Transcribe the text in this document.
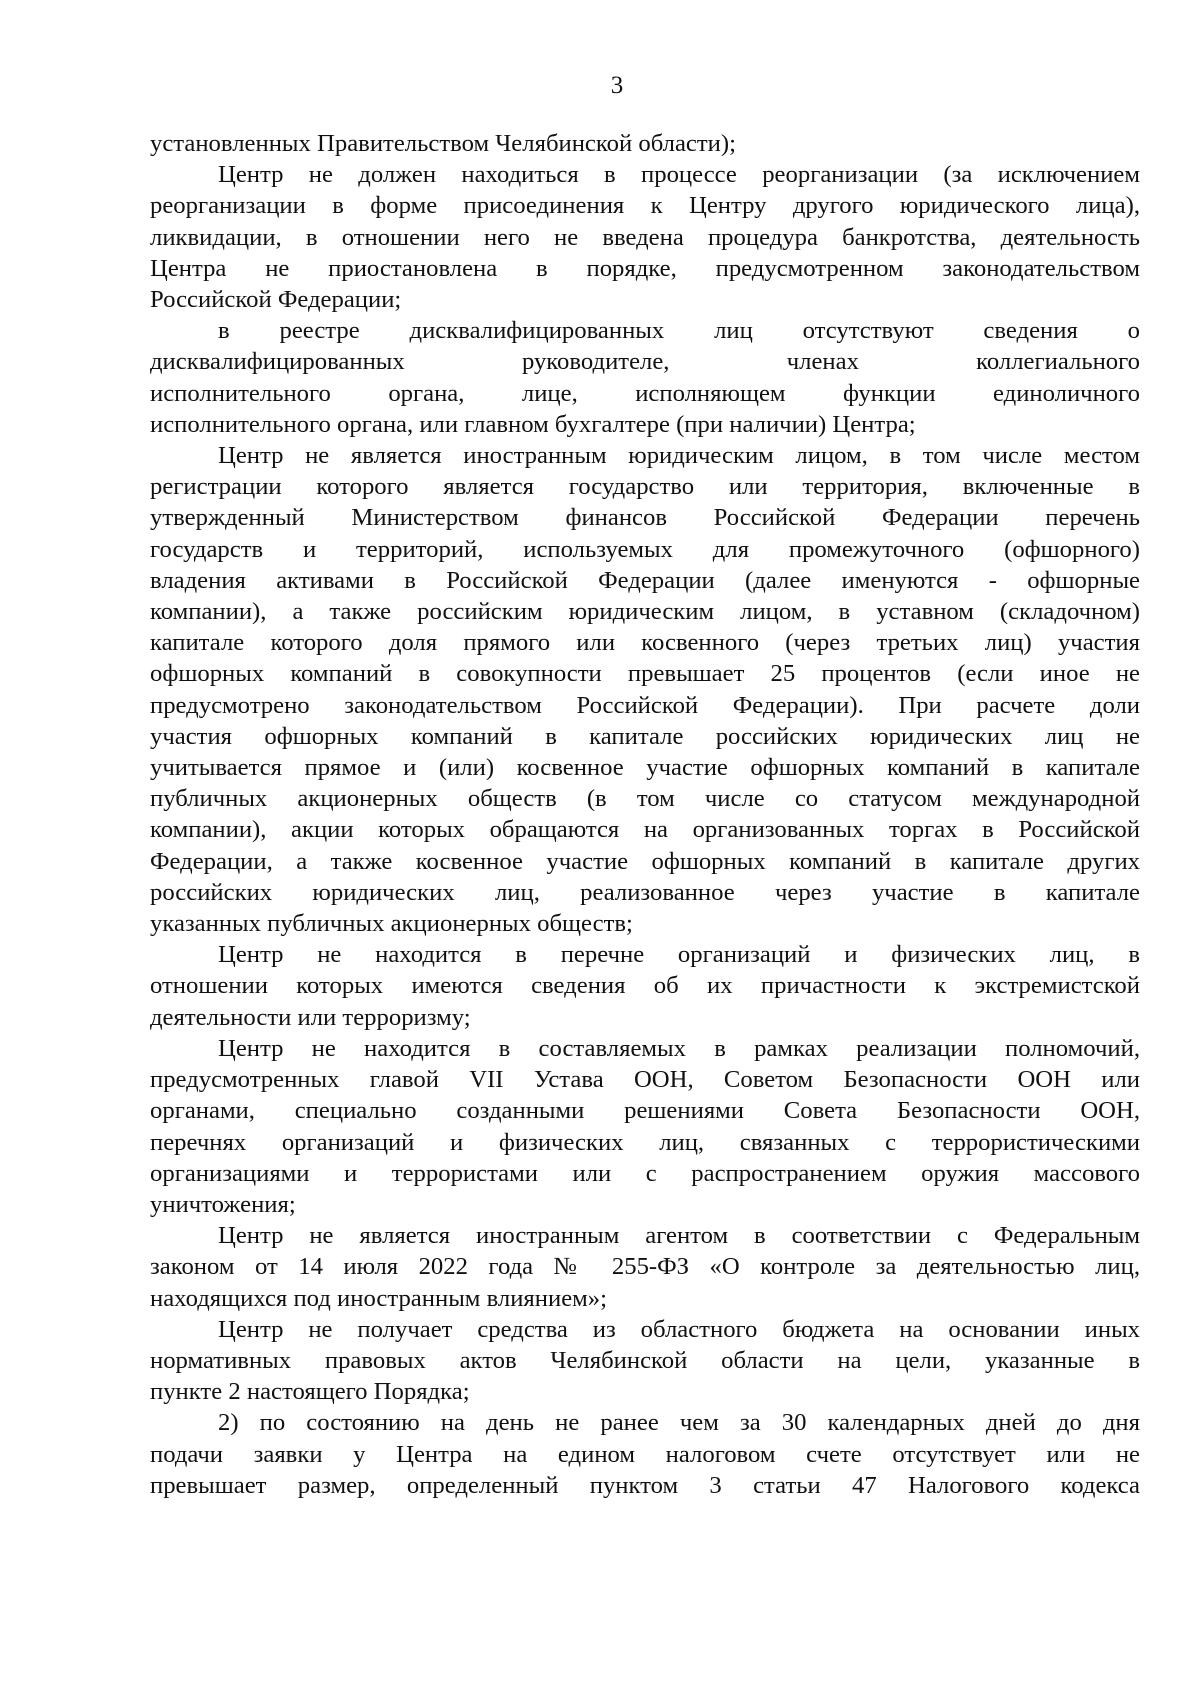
3

установленных Правительством Челябинской области);

Центр не должен находиться в процессе реорганизации (за исключением

реорганизации в форме присоединения к Центру другого юридического лица),

ликвидации, в отношении него не введена процедура банкротства, деятельность

Центра не приостановлена в порядке, предусмотренном законодательством

Российской Федерации;

в реестре дисквалифицированных лиц отсутствуют сведения о

дисквалифицированных руководителе, членах коллегиального

исполнительного органа, лице, исполняющем функции единоличного

исполнительного органа, или главном бухгалтере (при наличии) Центра;

Центр не является иностранным юридическим лицом, в том числе местом

регистрации которого является государство или территория, включенные в

утвержденный Министерством финансов Российской Федерации перечень

государств и территорий, используемых для промежуточного (офшорного)

владения активами в Российской Федерации (далее именуются - офшорные

компании), а также российским юридическим лицом, в уставном (складочном)

капитале которого доля прямого или косвенного (через третьих лиц) участия

офшорных компаний в совокупности превышает 25 процентов (если иное не

предусмотрено законодательством Российской Федерации). При расчете доли

участия офшорных компаний в капитале российских юридических лиц не

учитывается прямое и (или) косвенное участие офшорных компаний в капитале

публичных акционерных обществ (в том числе со статусом международной

компании), акции которых обращаются на организованных торгах в Российской

Федерации, а также косвенное участие офшорных компаний в капитале других

российских юридических лиц, реализованное через участие в капитале

указанных публичных акционерных обществ;

Центр не находится в перечне организаций и физических лиц, в

отношении которых имеются сведения об их причастности к экстремистской

деятельности или терроризму;

Центр не находится в составляемых в рамках реализации полномочий,

предусмотренных главой VII Устава ООН, Советом Безопасности ООН или

органами, специально созданными решениями Совета Безопасности ООН,

перечнях организаций и физических лиц, связанных с террористическими

организациями и террористами или с распространением оружия массового

уничтожения;

Центр не является иностранным агентом в соответствии с Федеральным

законом от 14 июля 2022 года № 255-ФЗ «О контроле за деятельностью лиц,

находящихся под иностранным влиянием»;

Центр не получает средства из областного бюджета на основании иных

нормативных правовых актов Челябинской области на цели, указанные в

пункте 2 настоящего Порядка;

2) по состоянию на день не ранее чем за 30 календарных дней до дня

подачи заявки у Центра на едином налоговом счете отсутствует или не

превышает размер, определенный пунктом 3 статьи 47 Налогового кодекса
